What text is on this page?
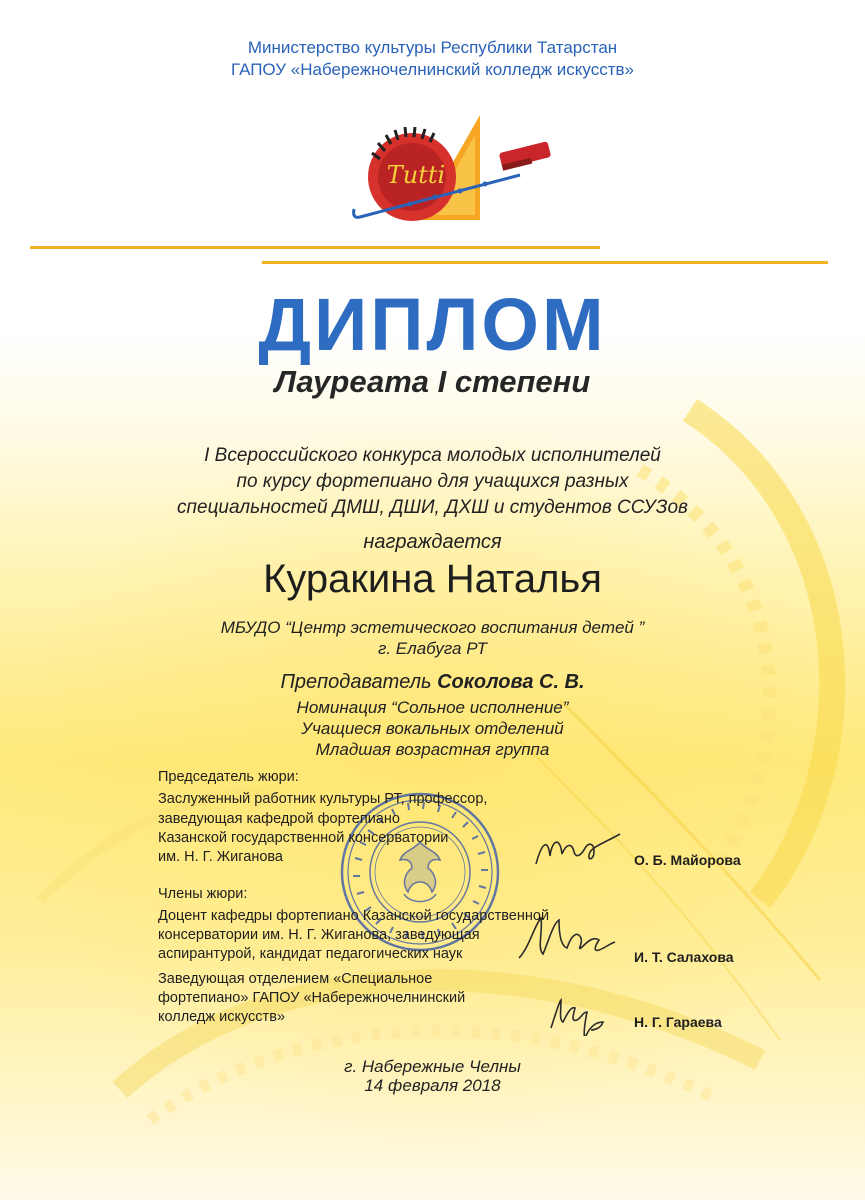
Министерство культуры Республики Татарстан

ГАПОУ «Набережночелнинский колледж искусств»

Tutti

ДИПЛОМ

Лауреата I степени

I Всероссийского конкурса молодых исполнителей

по курсу фортепиано для учащихся разных

специальностей ДМШ, ДШИ, ДХШ и студентов ССУЗов

награждается

Куракина Наталья

МБУДО “Центр эстетического воспитания детей ”

г. Елабуга РТ

Преподаватель Соколова С. В.

Номинация “Сольное исполнение”

Учащиеся вокальных отделений

Младшая возрастная группа

Председатель жюри:

Заслуженный работник культуры РТ, профессор,

заведующая кафедрой фортепиано

Казанской государственной консерватории

им. Н. Г. Жиганова	О. Б. Майорова

Члены жюри:

Доцент кафедры фортепиано Казанской государственной

консерватории им. Н. Г. Жиганова, заведующая

аспирантурой, кандидат педагогических наук	И. Т. Салахова

Заведующая отделением «Специальное

фортепиано» ГАПОУ «Набережночелнинский

колледж искусств»	Н. Г. Гараева

г. Набережные Челны

14 февраля 2018
